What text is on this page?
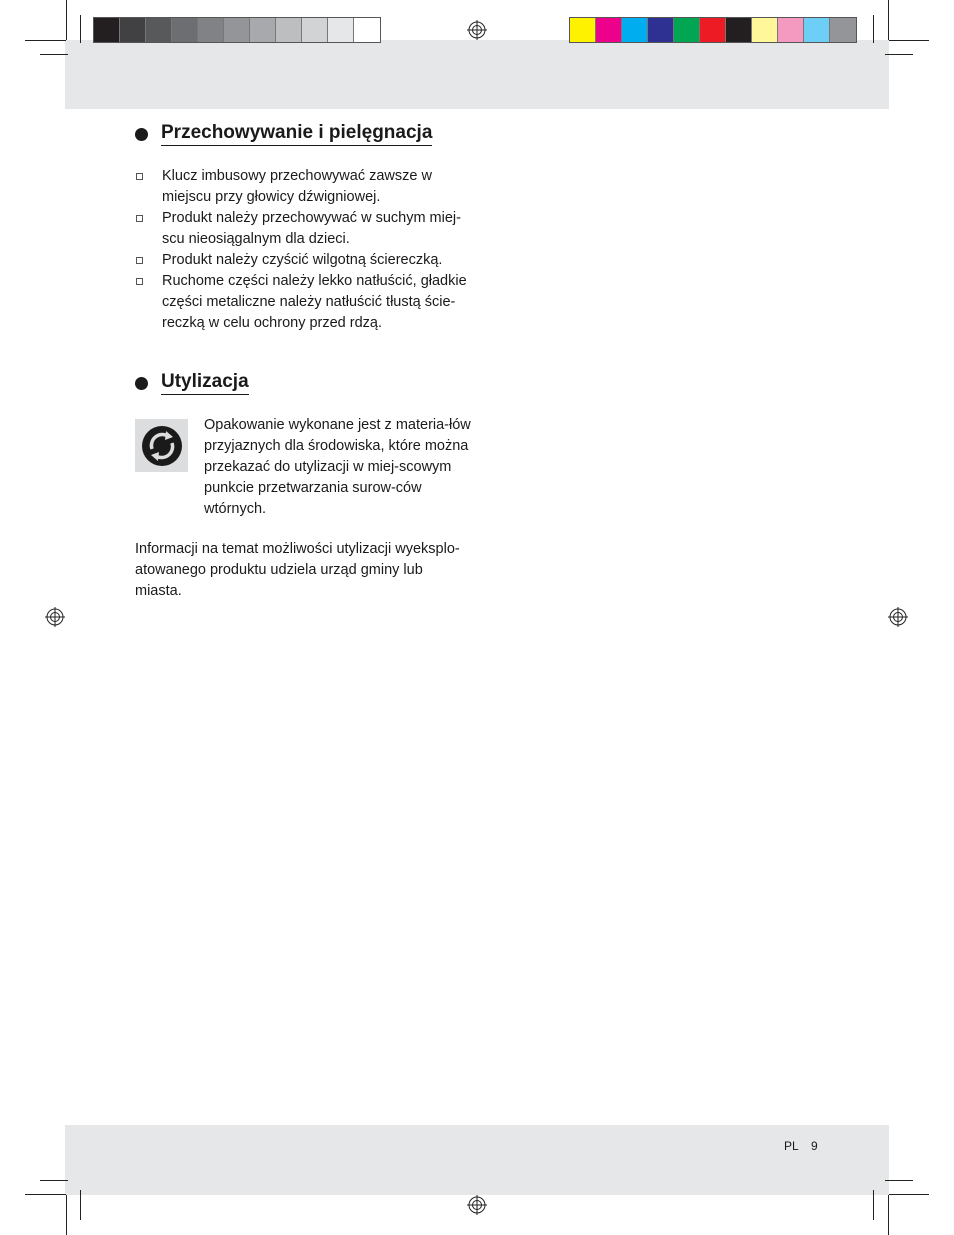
Przechowywanie i pielęgnacja
Klucz imbusowy przechowywać zawsze w miejscu przy głowicy dźwigniowej.
Produkt należy przechowywać w suchym miej-scu nieosiągalnym dla dzieci.
Produkt należy czyścić wilgotną ściereczką.
Ruchome części należy lekko natłuścić, gładkie części metaliczne należy natłuścić tłustą ście-reczką w celu ochrony przed rdzą.
Utylizacja

Opakowanie wykonane jest z materia-łów przyjaznych dla środowiska, które można przekazać do utylizacji w miej-scowym punkcie przetwarzania surow-ców wtórnych.

Informacji na temat możliwości utylizacji wyeksplo-atowanego produktu udziela urząd gminy lub miasta.

PL 9
